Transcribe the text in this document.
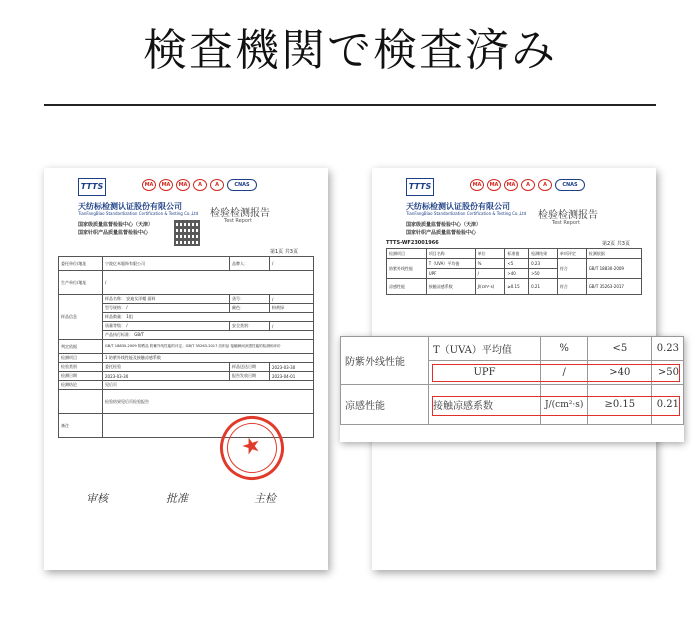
検査機関で検査済み
TTTS	MA	MA	MA	A	A	CNAS
天纺标检测认证股份有限公司
TianFangBiao Standardization Certification & Testing Co.,Ltd
国家级质量监督检验中心（天津）
国家针织产品质量监督检验中心
检验检测报告
Test Report
第1页 共3页
委托单位/地址	宁波亿米服饰有限公司	品牌人：	/
生产单位/地址	/		
样品信息	样品名称： 安迪女洋帽 面料	货号：	/
	型号规格： /	颜色：	粉黄绿
	样品数量： 1组		
	质量等级： /	安全类别：	/
	产品执行标准： GB/T		
判定依据	GB/T 18830-2009 防晒品 防紫外线性能的评定；GB/T 35263-2017 纺织品 接触瞬间凉感性能的检测和评价		
检测项目	1 防紫外线性能及接触凉感系数		
检验类别	委托检验	样品送达日期	2023-03-30
检测日期	2023-03-30	报告发放日期	2023-04-01
检测结论	见后页		
	检验结果见后页检验报告		
备注			
★
审核	批准	主检
TTTS	MA	MA	MA	A	A	CNAS
天纺标检测认证股份有限公司
TianFangBiao Standardization Certification & Testing Co.,Ltd
国家级质量监督检验中心（天津）
国家针织产品质量监督检验中心
检验检测报告
Test Report
TTTS-WF23001966	第2页 共3页
检测项目	项目名称	单位	标准值	检测结果	单项评定	检测依据
防紫外线性能	T（UVA）平均值	%	<5	0.23	符合	GB/T 18830-2009
	UPF	/	>40	>50		
凉感性能	接触凉感系数	J/(cm²·s)	≥0.15	0.21	符合	GB/T 35263-2017
防紫外线性能	T（UVA）平均值	%	<5	0.23
	UPF	/	>40	>50
凉感性能	接触凉感系数	J/(cm²·s)	≥0.15	0.21
